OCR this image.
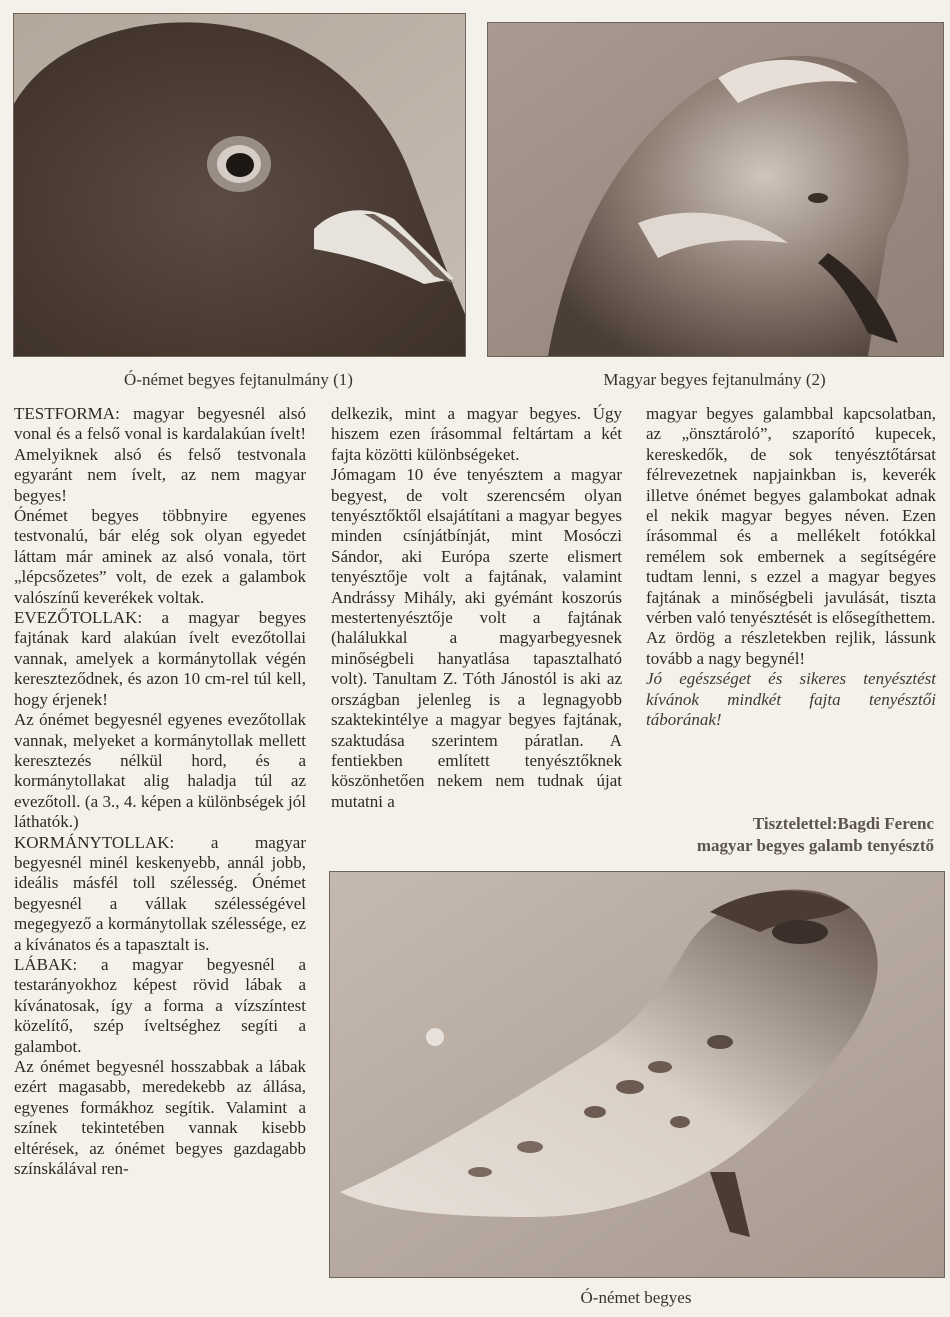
Ó-német begyes fejtanulmány (1)	Magyar begyes fejtanulmány (2)

TESTFORMA: magyar begyesnél alsó vonal és a felső vonal is kardalakúan ívelt! Amelyiknek alsó és felső testvonala egyaránt nem ívelt, az nem magyar begyes!

Ónémet begyes többnyire egyenes testvonalú, bár elég sok olyan egyedet láttam már aminek az alsó vonala, tört „lépcsőzetes” volt, de ezek a galambok valószínű keverékek voltak.

EVEZŐTOLLAK: a magyar begyes fajtának kard alakúan ívelt evezőtollai vannak, amelyek a kormánytollak végén kereszteződnek, és azon 10 cm-rel túl kell, hogy érjenek!

Az ónémet begyesnél egyenes evezőtollak vannak, melyeket a kormánytollak mellett keresztezés nélkül hord, és a kormánytollakat alig haladja túl az evezőtoll. (a 3., 4. képen a különbségek jól láthatók.)

KORMÁNYTOLLAK: a magyar begyesnél minél keskenyebb, annál jobb, ideális másfél toll szélesség. Ónémet begyesnél a vállak szélességével megegyező a kormánytollak szélessége, ez a kívánatos és a tapasztalt is.

LÁBAK: a magyar begyesnél a testarányokhoz képest rövid lábak a kívánatosak, így a forma a vízszíntest közelítő, szép íveltséghez segíti a galambot.

Az ónémet begyesnél hosszabbak a lábak ezért magasabb, meredekebb az állása, egyenes formákhoz segítik. Valamint a színek tekintetében vannak kisebb eltérések, az ónémet begyes gazdagabb színskálával ren-

delkezik, mint a magyar begyes. Úgy hiszem ezen írásommal feltártam a két fajta közötti különbségeket.

Jómagam 10 éve tenyésztem a magyar begyest, de volt szerencsém olyan tenyésztőktől elsajátítani a magyar begyes minden csínjátbínját, mint Mosóczi Sándor, aki Európa szerte elismert tenyésztője volt a fajtának, valamint Andrássy Mihály, aki gyémánt koszorús mestertenyésztője volt a fajtának (halálukkal a magyarbegyesnek minőségbeli hanyatlása tapasztalható volt). Tanultam Z. Tóth Jánostól is aki az országban jelenleg is a legnagyobb szaktekintélye a magyar begyes fajtának, szaktudása szerintem páratlan. A fentiekben említett tenyésztőknek köszönhetően nekem nem tudnak újat mutatni a

magyar begyes galambbal kapcsolatban, az „önsztároló”, szaporító kupecek, kereskedők, de sok tenyésztőtársat félrevezetnek napjainkban is, keverék illetve ónémet begyes galambokat adnak el nekik magyar begyes néven. Ezen írásommal és a mellékelt fotókkal remélem sok embernek a segítségére tudtam lenni, s ezzel a magyar begyes fajtának a minőségbeli javulását, tiszta vérben való tenyésztését is elősegíthettem.

Az ördög a részletekben rejlik, lássunk tovább a nagy begynél!

Jó egészséget és sikeres tenyésztést kívánok mindkét fajta tenyésztői táborának!

Tisztelettel:Bagdi Ferenc
magyar begyes galamb tenyésztő
Ó-német begyes
